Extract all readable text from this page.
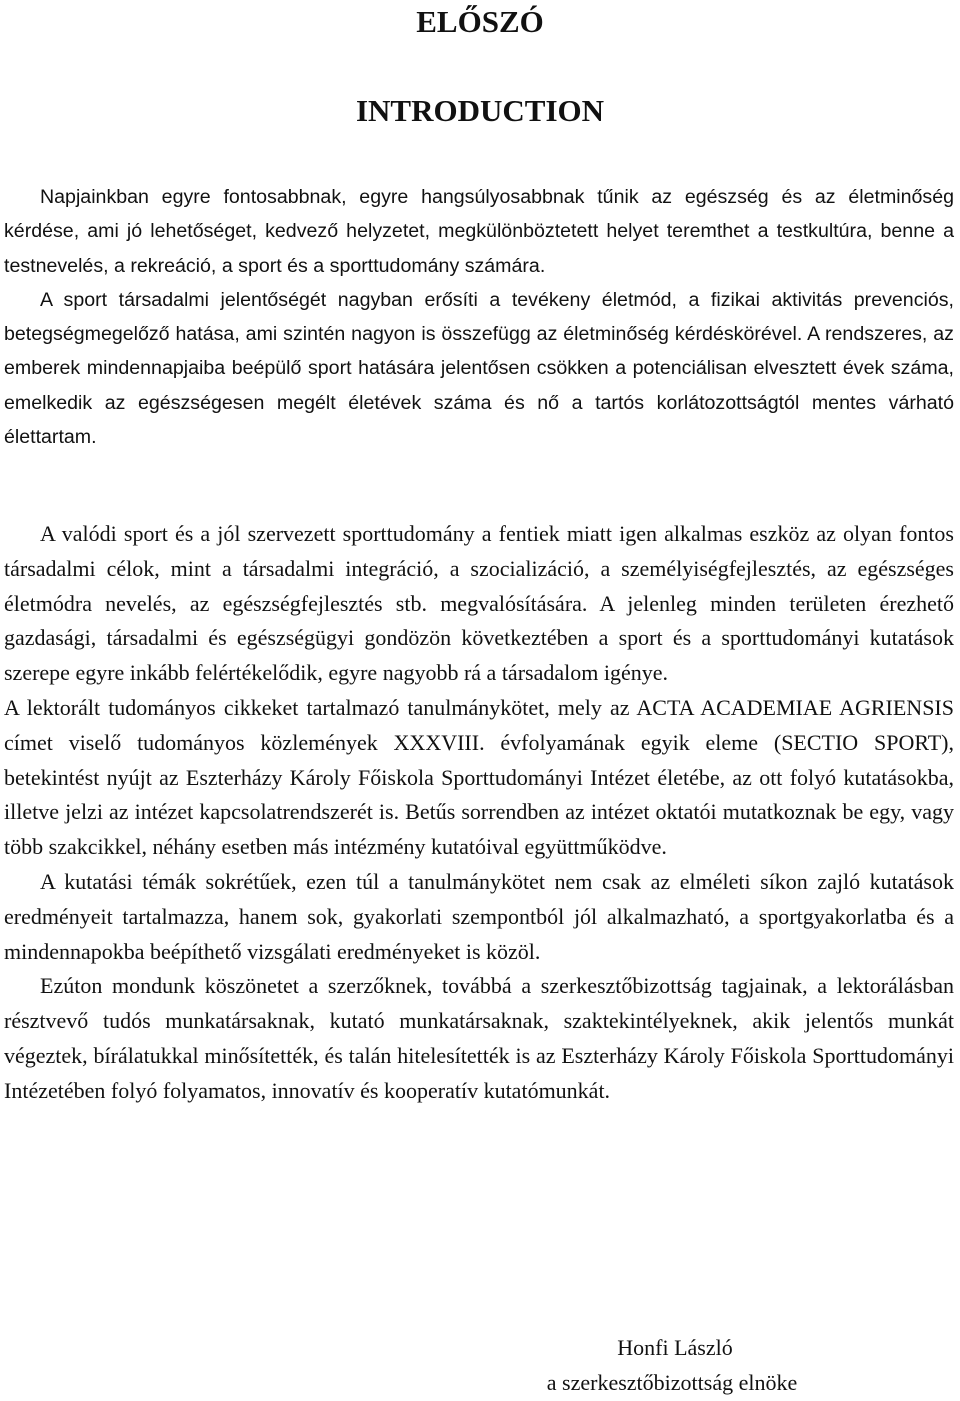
ELŐSZÓ
INTRODUCTION

Napjainkban egyre fontosabbnak, egyre hangsúlyosabbnak tűnik az egészség és az életminőség kérdése, ami jó lehetőséget, kedvező helyzetet, megkülönböztetett helyet teremthet a testkultúra, benne a testnevelés, a rekreáció, a sport és a sporttudomány számára.

A sport társadalmi jelentőségét nagyban erősíti a tevékeny életmód, a fizikai aktivitás prevenciós, betegségmegelőző hatása, ami szintén nagyon is összefügg az életminőség kérdéskörével. A rendszeres, az emberek mindennapjaiba beépülő sport hatására jelentősen csökken a potenciálisan elvesztett évek száma, emelkedik az egészségesen megélt életévek száma és nő a tartós korlátozottságtól mentes várható élettartam.

A valódi sport és a jól szervezett sporttudomány a fentiek miatt igen alkalmas eszköz az olyan fontos társadalmi célok, mint a társadalmi integráció, a szocializáció, a személyiségfejlesztés, az egészséges életmódra nevelés, az egészségfejlesztés stb. megvalósítására. A jelenleg minden területen érezhető gazdasági, társadalmi és egészségügyi gondözön következtében a sport és a sporttudományi kutatások szerepe egyre inkább felértékelődik, egyre nagyobb rá a társadalom igénye.

A lektorált tudományos cikkeket tartalmazó tanulmánykötet, mely az ACTA ACADEMIAE AGRIENSIS címet viselő tudományos közlemények XXXVIII. évfolyamának egyik eleme (SECTIO SPORT), betekintést nyújt az Eszterházy Károly Főiskola Sporttudományi Intézet életébe, az ott folyó kutatásokba, illetve jelzi az intézet kapcsolatrendszerét is. Betűs sorrendben az intézet oktatói mutatkoznak be egy, vagy több szakcikkel, néhány esetben más intézmény kutatóival együttműködve.

A kutatási témák sokrétűek, ezen túl a tanulmánykötet nem csak az elméleti síkon zajló kutatások eredményeit tartalmazza, hanem sok, gyakorlati szempontból jól alkalmazható, a sportgyakorlatba és a mindennapokba beépíthető vizsgálati eredményeket is közöl.

Ezúton mondunk köszönetet a szerzőknek, továbbá a szerkesztőbizottság tagjainak, a lektorálásban résztvevő tudós munkatársaknak, kutató munkatársaknak, szaktekintélyeknek, akik jelentős munkát végeztek, bírálatukkal minősítették, és talán hitelesítették is az Eszterházy Károly Főiskola Sporttudományi Intézetében folyó folyamatos, innovatív és kooperatív kutatómunkát.

Honfi László
a szerkesztőbizottság elnöke
